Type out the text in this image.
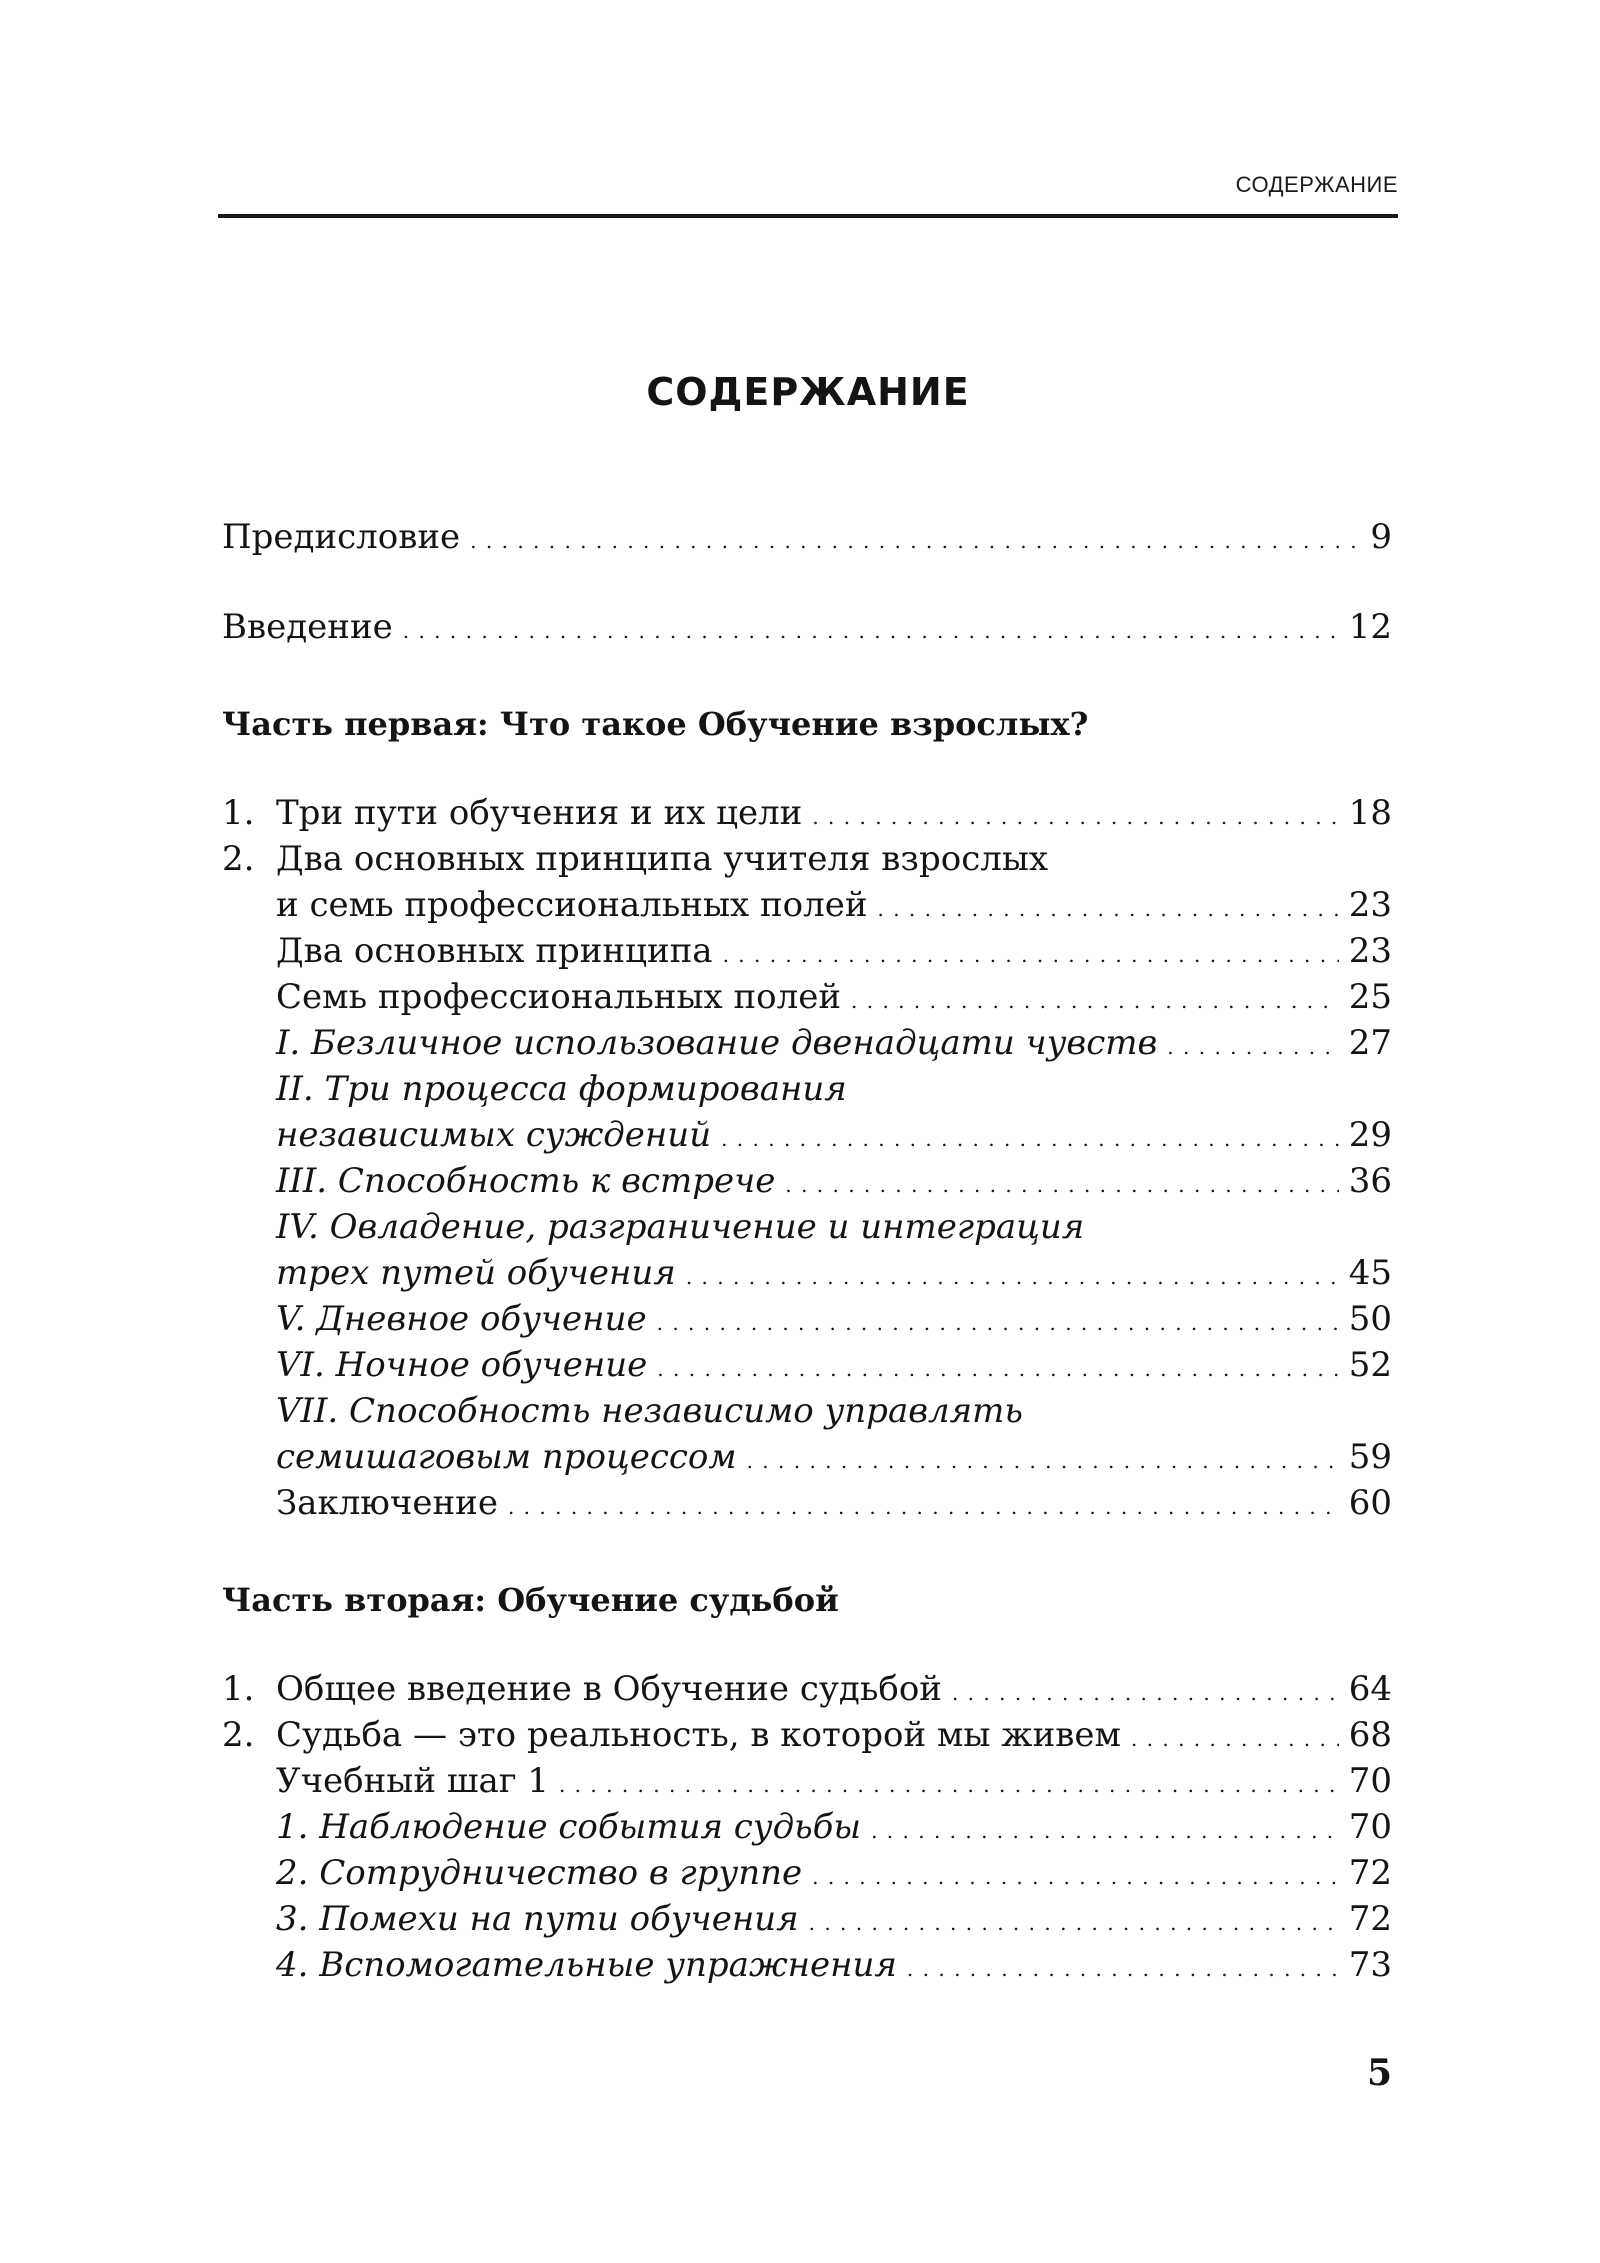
СОДЕРЖАНИЕ
СОДЕРЖАНИЕ
Предисловие . . .	9
Введение . . .	12
Часть первая: Что такое Обучение взрослых?
1. Три пути обучения и их цели . . .	18
2. Два основных принципа учителя взрослых
и семь профессиональных полей . . .	23
Два основных принципа . . .	23
Семь профессиональных полей . . .	25
I. Безличное использование двенадцати чувств . . .	27
II. Три процесса формирования
независимых суждений . . .	29
III. Способность к встрече . . .	36
IV. Овладение, разграничение и интеграция
трех путей обучения . . .	45
V. Дневное обучение . . .	50
VI. Ночное обучение . . .	52
VII. Способность независимо управлять
семишаговым процессом . . .	59
Заключение . . .	60
Часть вторая: Обучение судьбой
1. Общее введение в Обучение судьбой . . .	64
2. Судьба — это реальность, в которой мы живем . . .	68
Учебный шаг 1 . . .	70
1. Наблюдение события судьбы . . .	70
2. Сотрудничество в группе . . .	72
3. Помехи на пути обучения . . .	72
4. Вспомогательные упражнения . . .	73
5
